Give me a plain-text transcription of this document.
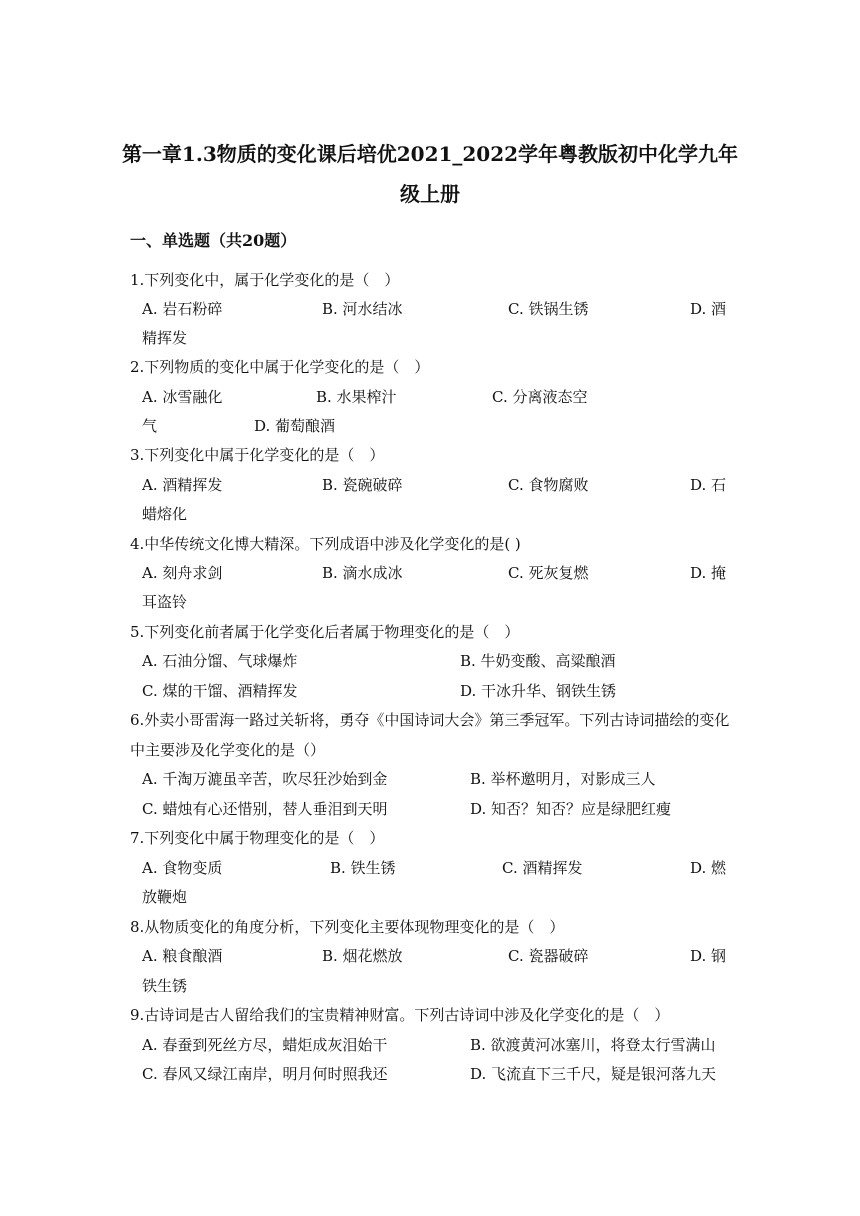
第一章1.3物质的变化课后培优2021_2022学年粤教版初中化学九年
级上册
一、单选题（共20题）
1.下列变化中，属于化学变化的是（　）
A. 岩石粉碎	B. 河水结冰	C. 铁锅生锈	D. 酒
精挥发
2.下列物质的变化中属于化学变化的是（　）
A. 冰雪融化	B. 水果榨汁	C. 分离液态空
气	D. 葡萄酿酒
3.下列变化中属于化学变化的是（　）
A. 酒精挥发	B. 瓷碗破碎	C. 食物腐败	D. 石
蜡熔化
4.中华传统文化博大精深。下列成语中涉及化学变化的是( )
A. 刻舟求剑	B. 滴水成冰	C. 死灰复燃	D. 掩
耳盗铃
5.下列变化前者属于化学变化后者属于物理变化的是（　）
A. 石油分馏、气球爆炸	B. 牛奶变酸、高粱酿酒
C. 煤的干馏、酒精挥发	D. 干冰升华、钢铁生锈
6.外卖小哥雷海一路过关斩将，勇夺《中国诗词大会》第三季冠军。下列古诗词描绘的变化
中主要涉及化学变化的是（）
A. 千淘万漉虽辛苦，吹尽狂沙始到金	B. 举杯邀明月，对影成三人
C. 蜡烛有心还惜别，替人垂泪到天明	D. 知否？知否？应是绿肥红瘦
7.下列变化中属于物理变化的是（　）
A. 食物变质	B. 铁生锈	C. 酒精挥发	D. 燃
放鞭炮
8.从物质变化的角度分析，下列变化主要体现物理变化的是（　）
A. 粮食酿酒	B. 烟花燃放	C. 瓷器破碎	D. 钢
铁生锈
9.古诗词是古人留给我们的宝贵精神财富。下列古诗词中涉及化学变化的是（　）
A. 春蚕到死丝方尽，蜡炬成灰泪始干	B. 欲渡黄河冰塞川，将登太行雪满山
C. 春风又绿江南岸，明月何时照我还	D. 飞流直下三千尺，疑是银河落九天
